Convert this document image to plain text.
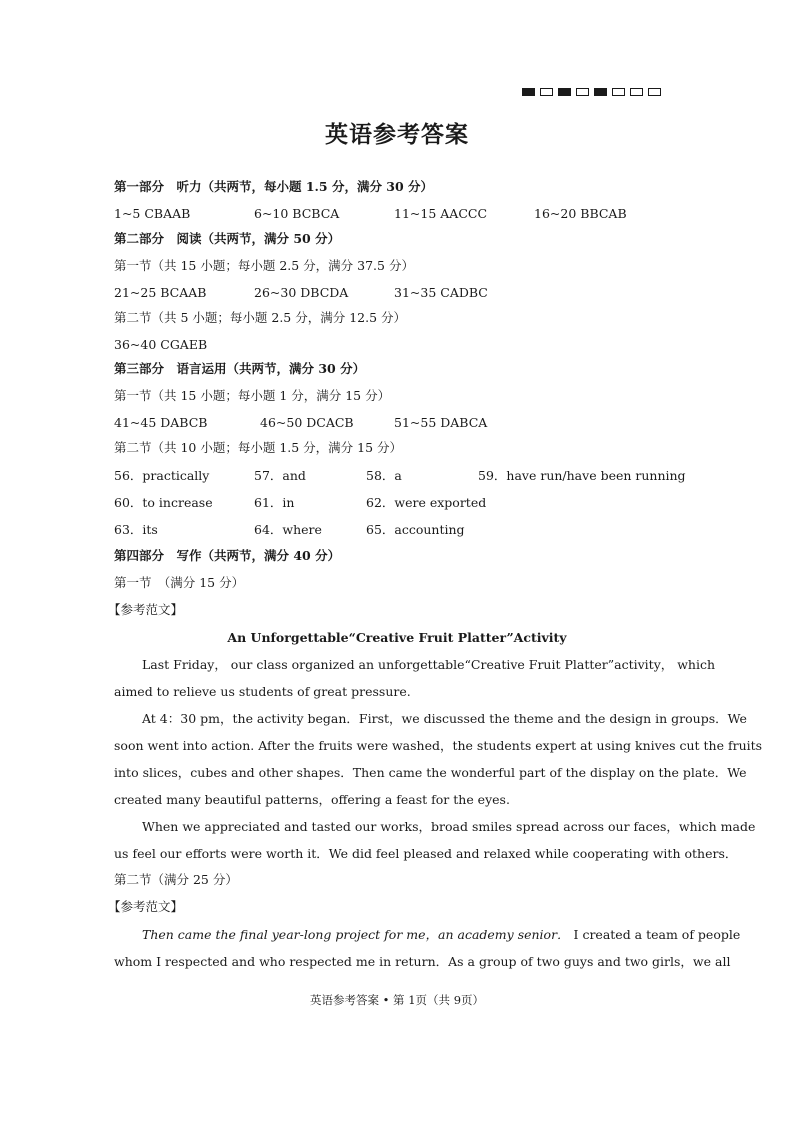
英语参考答案
第一部分　听力（共两节，每小题 1.5 分，满分 30 分）
1~5 CBAAB	6~10 BCBCA	11~15 AACCC	16~20 BBCAB
第二部分　阅读（共两节，满分 50 分）
第一节（共 15 小题；每小题 2.5 分，满分 37.5 分）
21~25 BCAAB	26~30 DBCDA	31~35 CADBC
第二节（共 5 小题；每小题 2.5 分，满分 12.5 分）
36~40 CGAEB
第三部分　语言运用（共两节，满分 30 分）
第一节（共 15 小题；每小题 1 分，满分 15 分）
41~45 DABCB	46~50 DCACB	51~55 DABCA
第二节（共 10 小题；每小题 1.5 分，满分 15 分）
56．practically	57．and	58．a	59．have run/have been running
60．to increase	61．in	62．were exported
63．its	64．where	65．accounting
第四部分　写作（共两节，满分 40 分）
第一节　（满分 15 分）
【参考范文】
An Unforgettable“Creative Fruit Platter”Activity
Last Friday， our class organized an unforgettable“Creative Fruit Platter”activity， which
aimed to relieve us students of great pressure.
At 4：30 pm，the activity began．First，we discussed the theme and the design in groups．We
soon went into action. After the fruits were washed，the students expert at using knives cut the fruits
into slices，cubes and other shapes．Then came the wonderful part of the display on the plate．We
created many beautiful patterns，offering a feast for the eyes.
When we appreciated and tasted our works，broad smiles spread across our faces，which made
us feel our efforts were worth it．We did feel pleased and relaxed while cooperating with others．
第二节（满分 25 分）
【参考范文】
Then came the final year-long project for me，an academy senior． I created a team of people
whom I respected and who respected me in return．As a group of two guys and two girls，we all
英语参考答案 • 第 1页（共 9页）
